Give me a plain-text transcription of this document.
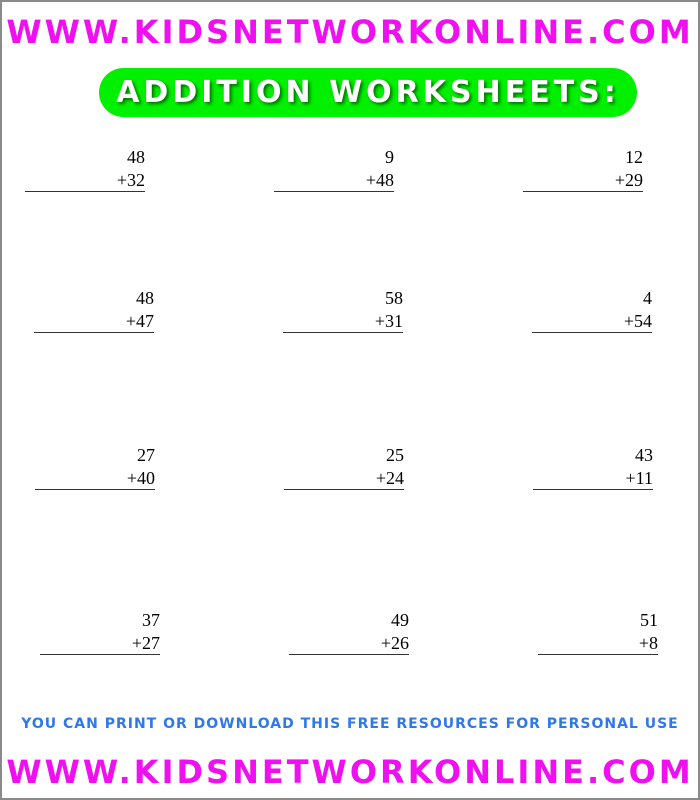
WWW.KIDSNETWORKONLINE.COM
ADDITION WORKSHEETS:
48
+32
9
+48
12
+29
48
+47
58
+31
4
+54
27
+40
25
+24
43
+11
37
+27
49
+26
51
+8
YOU CAN PRINT OR DOWNLOAD THIS FREE RESOURCES FOR PERSONAL USE
WWW.KIDSNETWORKONLINE.COM
